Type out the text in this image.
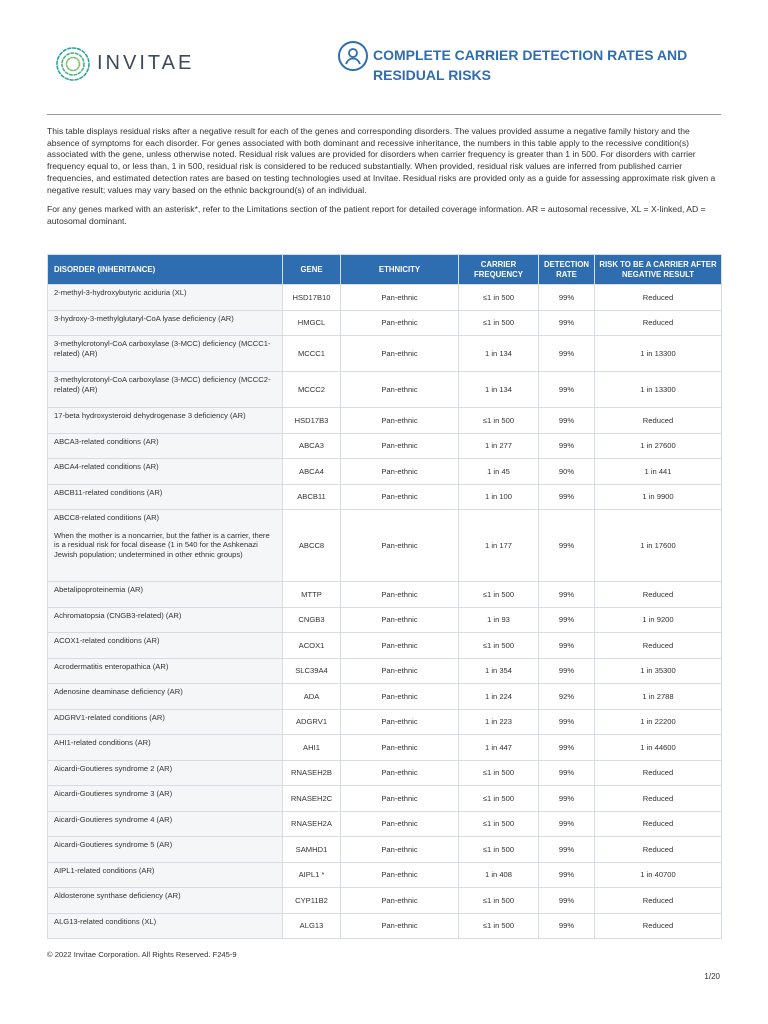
INVITAE	COMPLETE CARRIER DETECTION RATES AND RESIDUAL RISKS

This table displays residual risks after a negative result for each of the genes and corresponding disorders. The values provided assume a negative family history and the absence of symptoms for each disorder. For genes associated with both dominant and recessive inheritance, the numbers in this table apply to the recessive condition(s) associated with the gene, unless otherwise noted. Residual risk values are provided for disorders when carrier frequency is greater than 1 in 500. For disorders with carrier frequency equal to, or less than, 1 in 500, residual risk is considered to be reduced substantially. When provided, residual risk values are inferred from published carrier frequencies, and estimated detection rates are based on testing technologies used at Invitae. Residual risks are provided only as a guide for assessing approximate risk given a negative result; values may vary based on the ethnic background(s) of an individual.

For any genes marked with an asterisk*, refer to the Limitations section of the patient report for detailed coverage information. AR = autosomal recessive, XL = X-linked, AD = autosomal dominant.

DISORDER (INHERITANCE)	GENE	ETHNICITY	CARRIER FREQUENCY	DETECTION RATE	RISK TO BE A CARRIER AFTER NEGATIVE RESULT
2-methyl-3-hydroxybutyric aciduria (XL)	HSD17B10	Pan-ethnic	≤1 in 500	99%	Reduced
3-hydroxy-3-methylglutaryl-CoA lyase deficiency (AR)	HMGCL	Pan-ethnic	≤1 in 500	99%	Reduced
3-methylcrotonyl-CoA carboxylase (3-MCC) deficiency (MCCC1-related) (AR)	MCCC1	Pan-ethnic	1 in 134	99%	1 in 13300
3-methylcrotonyl-CoA carboxylase (3-MCC) deficiency (MCCC2-related) (AR)	MCCC2	Pan-ethnic	1 in 134	99%	1 in 13300
17-beta hydroxysteroid dehydrogenase 3 deficiency (AR)	HSD17B3	Pan-ethnic	≤1 in 500	99%	Reduced
ABCA3-related conditions (AR)	ABCA3	Pan-ethnic	1 in 277	99%	1 in 27600
ABCA4-related conditions (AR)	ABCA4	Pan-ethnic	1 in 45	90%	1 in 441
ABCB11-related conditions (AR)	ABCB11	Pan-ethnic	1 in 100	99%	1 in 9900
ABCC8-related conditions (AR)
When the mother is a noncarrier, but the father is a carrier, there is a residual risk for focal disease (1 in 540 for the Ashkenazi Jewish population; undetermined in other ethnic groups)	ABCC8	Pan-ethnic	1 in 177	99%	1 in 17600
Abetalipoproteinemia (AR)	MTTP	Pan-ethnic	≤1 in 500	99%	Reduced
Achromatopsia (CNGB3-related) (AR)	CNGB3	Pan-ethnic	1 in 93	99%	1 in 9200
ACOX1-related conditions (AR)	ACOX1	Pan-ethnic	≤1 in 500	99%	Reduced
Acrodermatitis enteropathica (AR)	SLC39A4	Pan-ethnic	1 in 354	99%	1 in 35300
Adenosine deaminase deficiency (AR)	ADA	Pan-ethnic	1 in 224	92%	1 in 2788
ADGRV1-related conditions (AR)	ADGRV1	Pan-ethnic	1 in 223	99%	1 in 22200
AHI1-related conditions (AR)	AHI1	Pan-ethnic	1 in 447	99%	1 in 44600
Aicardi-Goutieres syndrome 2 (AR)	RNASEH2B	Pan-ethnic	≤1 in 500	99%	Reduced
Aicardi-Goutieres syndrome 3 (AR)	RNASEH2C	Pan-ethnic	≤1 in 500	99%	Reduced
Aicardi-Goutieres syndrome 4 (AR)	RNASEH2A	Pan-ethnic	≤1 in 500	99%	Reduced
Aicardi-Goutieres syndrome 5 (AR)	SAMHD1	Pan-ethnic	≤1 in 500	99%	Reduced
AIPL1-related conditions (AR)	AIPL1 *	Pan-ethnic	1 in 408	99%	1 in 40700
Aldosterone synthase deficiency (AR)	CYP11B2	Pan-ethnic	≤1 in 500	99%	Reduced
ALG13-related conditions (XL)	ALG13	Pan-ethnic	≤1 in 500	99%	Reduced
© 2022 Invitae Corporation. All Rights Reserved. F245-9
1/20
